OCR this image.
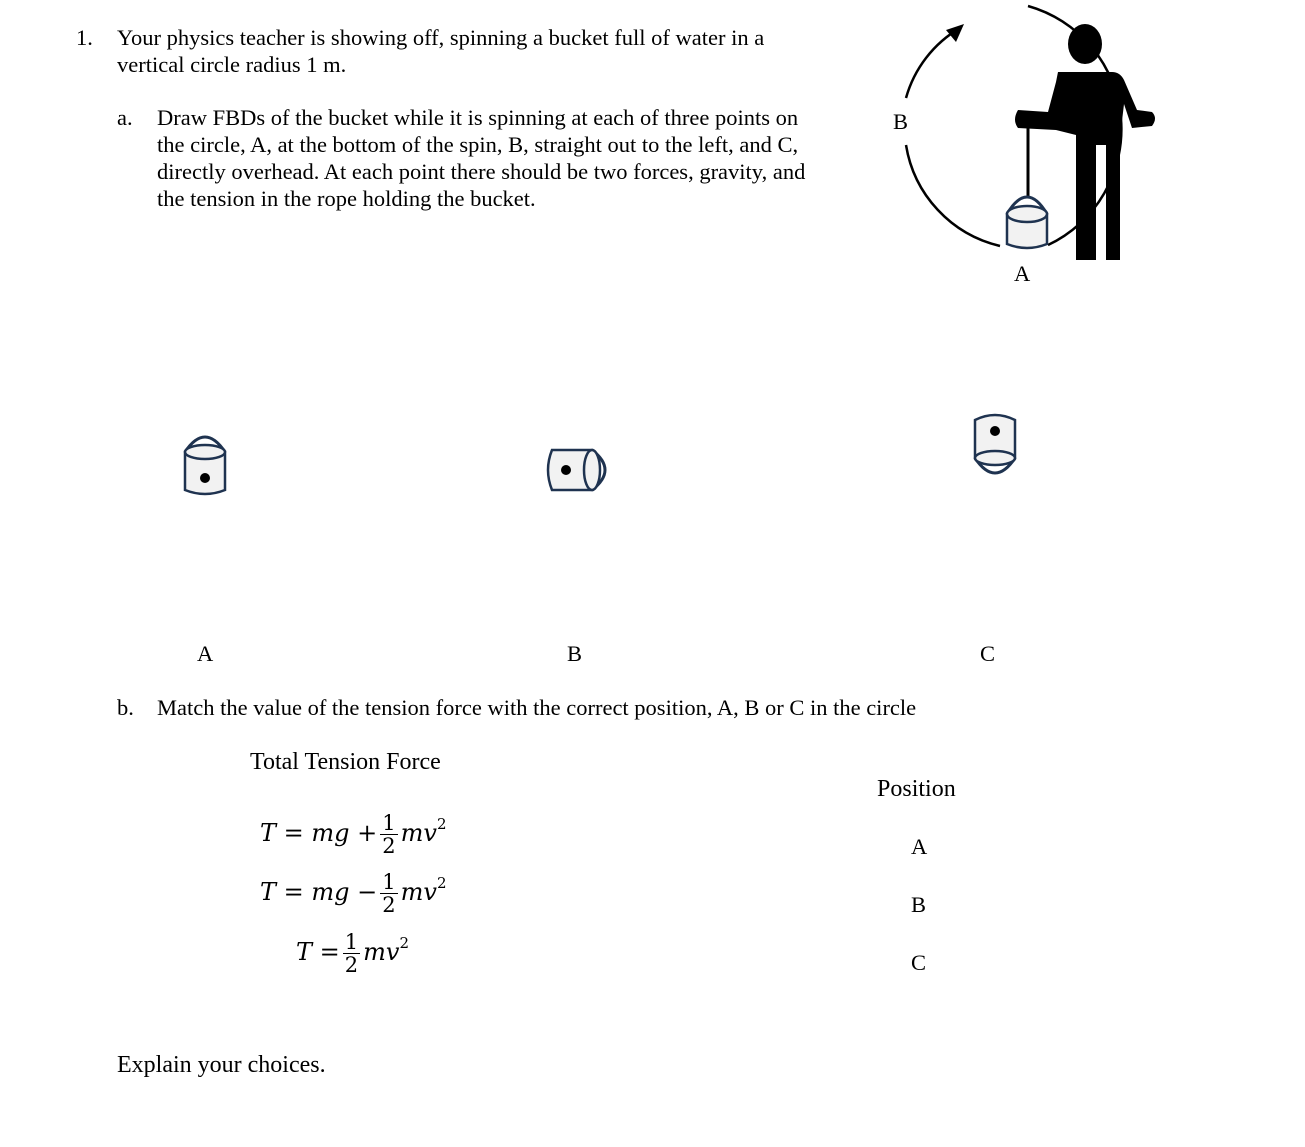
1. Your physics teacher is showing off, spinning a bucket full of water in a
vertical circle radius 1 m.
a. Draw FBDs of the bucket while it is spinning at each of three points on
the circle, A, at the bottom of the spin, B, straight out to the left, and C,
directly overhead. At each point there should be two forces, gravity, and
the tension in the rope holding the bucket.
B
A
A	B	C
b. Match the value of the tension force with the correct position, A, B or C in the circle
Total Tension Force
Position
T = mg + $\frac{1}{2} mv^2$
T = mg − $\frac{1}{2} mv^2$
$T = \frac{1}{2} mv^2$
A
B
C
Explain your choices.
